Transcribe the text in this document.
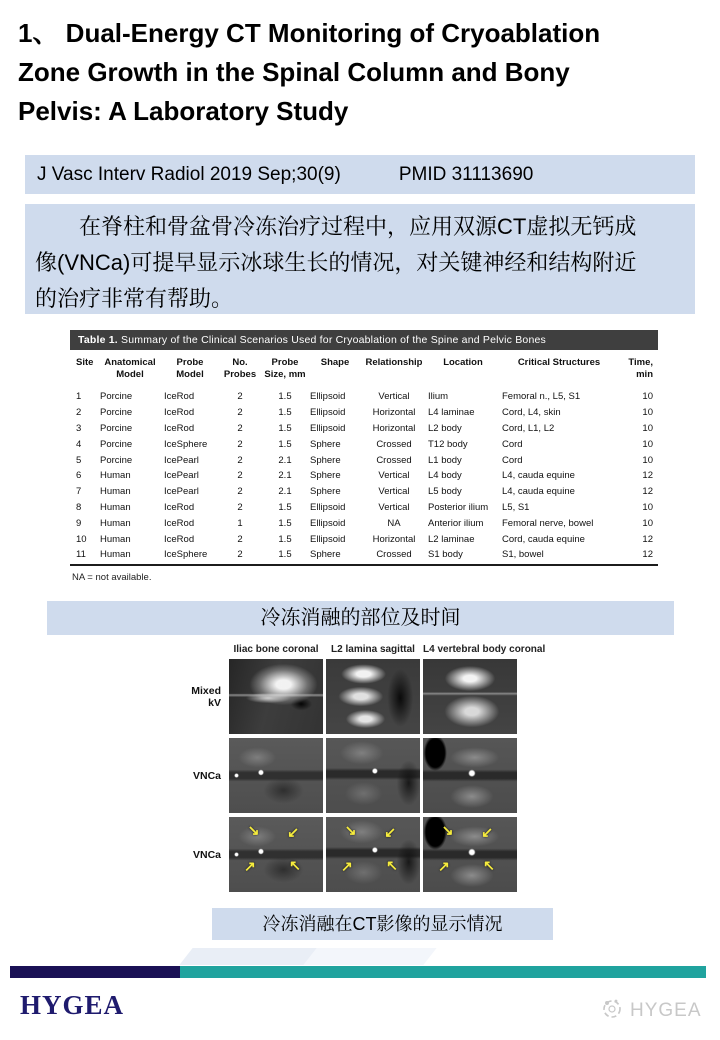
1、 Dual-Energy CT Monitoring of Cryoablation
Zone Growth in the Spinal Column and Bony
Pelvis: A Laboratory Study
J Vasc Interv Radiol 2019 Sep;30(9)	PMID 31113690
在脊柱和骨盆骨冷冻治疗过程中，应用双源CT虚拟无钙成
像(VNCa)可提早显示冰球生长的情况，对关键神经和结构附近
的治疗非常有帮助。
Table 1. Summary of the Clinical Scenarios Used for Cryoablation of the Spine and Pelvic Bones
Site	Anatomical Model	Probe Model	No. Probes	Probe Size, mm	Shape	Relationship	Location	Critical Structures	Time, min
1	Porcine	IceRod	2	1.5	Ellipsoid	Vertical	Ilium	Femoral n., L5, S1	10
2	Porcine	IceRod	2	1.5	Ellipsoid	Horizontal	L4 laminae	Cord, L4, skin	10
3	Porcine	IceRod	2	1.5	Ellipsoid	Horizontal	L2 body	Cord, L1, L2	10
4	Porcine	IceSphere	2	1.5	Sphere	Crossed	T12 body	Cord	10
5	Porcine	IcePearl	2	2.1	Sphere	Crossed	L1 body	Cord	10
6	Human	IcePearl	2	2.1	Sphere	Vertical	L4 body	L4, cauda equine	12
7	Human	IcePearl	2	2.1	Sphere	Vertical	L5 body	L4, cauda equine	12
8	Human	IceRod	2	1.5	Ellipsoid	Vertical	Posterior ilium	L5, S1	10
9	Human	IceRod	1	1.5	Ellipsoid	NA	Anterior ilium	Femoral nerve, bowel	10
10	Human	IceRod	2	1.5	Ellipsoid	Horizontal	L2 laminae	Cord, cauda equine	12
11	Human	IceSphere	2	1.5	Sphere	Crossed	S1 body	S1, bowel	12
NA = not available.
冷冻消融的部位及时间
Iliac bone coronal	L2 lamina sagittal L4 vertebral body coronal
Mixed kV
VNCa
VNCa
↘ ↙
↗ ↖
↘ ↙
↗ ↖
↘ ↙
↗ ↖
冷冻消融在CT影像的显示情况
HYGEA	HYGEA
